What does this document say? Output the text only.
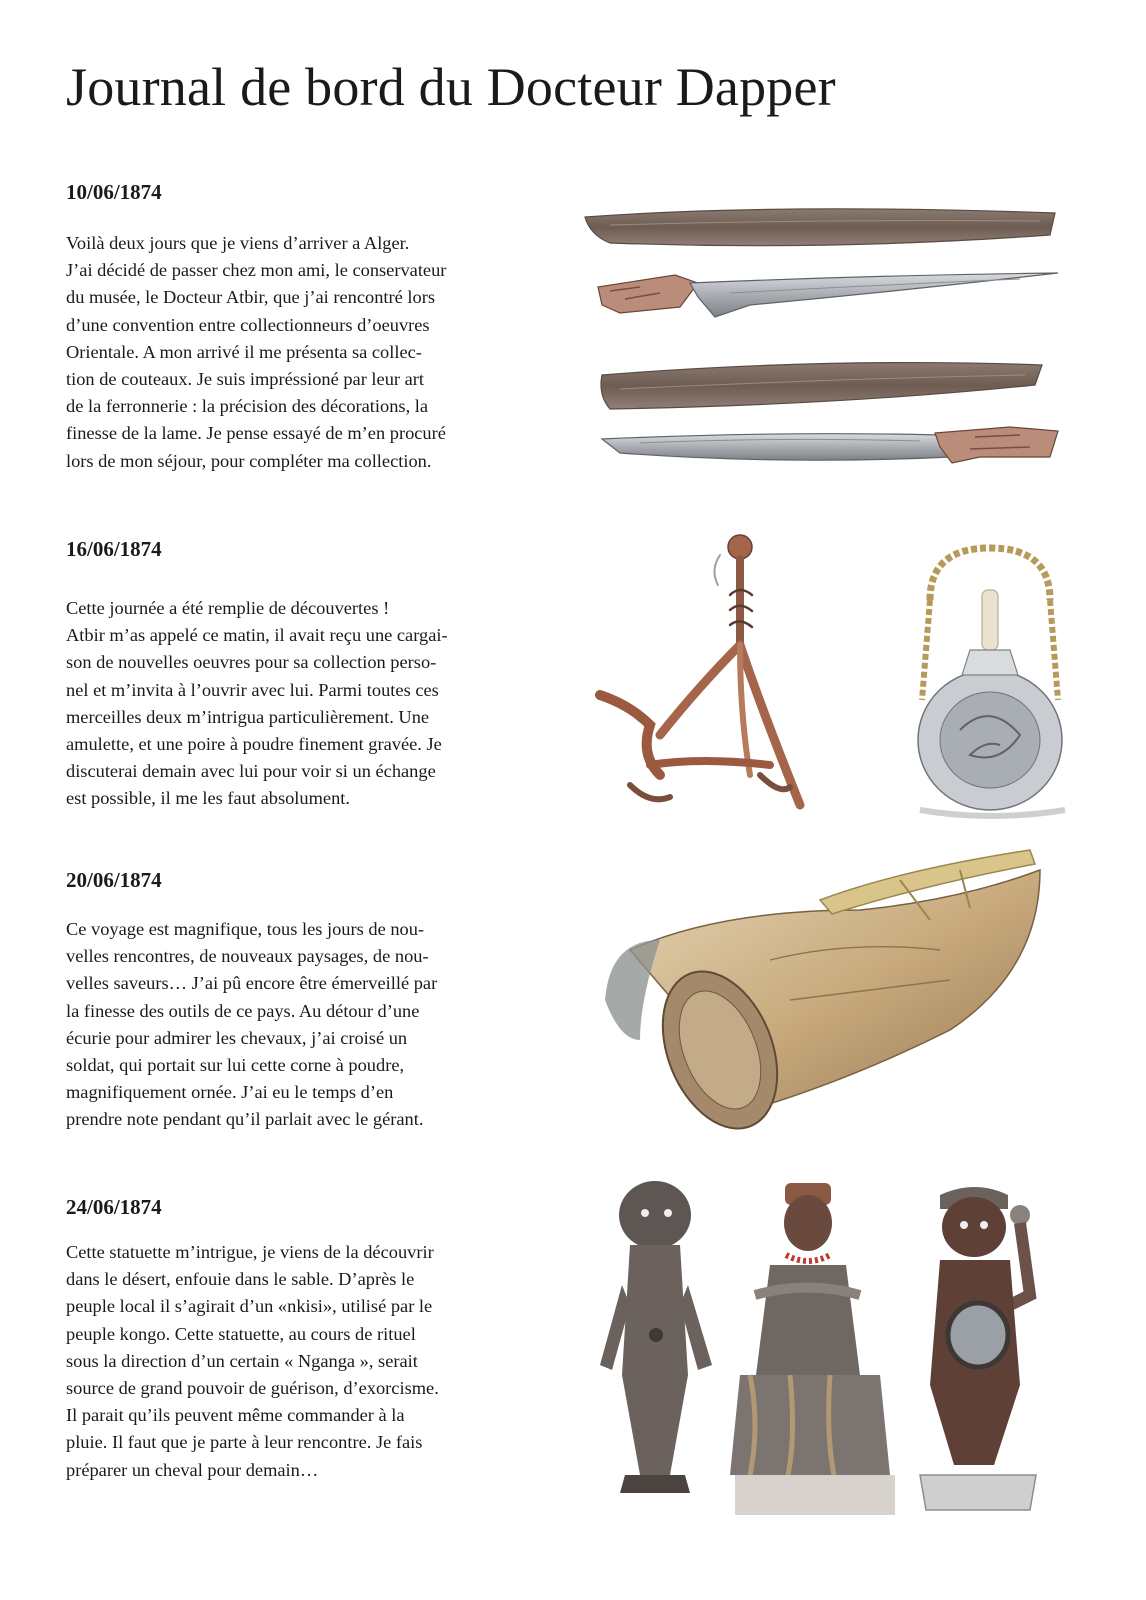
Journal de bord du Docteur Dapper
10/06/1874
Voilà deux jours que je viens d’arriver a Alger.
J’ai décidé de passer chez mon ami, le conservateur
du musée, le Docteur Atbir, que j’ai rencontré lors
d’une convention entre collectionneurs d’oeuvres
Orientale. A mon arrivé il me présenta sa collec-
tion de couteaux. Je suis impréssioné par leur art
de la ferronnerie : la précision des décorations, la
finesse de la lame. Je pense essayé de m’en procuré
lors de mon séjour, pour compléter ma collection.
16/06/1874
Cette journée a été remplie de découvertes !
Atbir m’as appelé ce matin, il avait reçu une cargai-
son de nouvelles oeuvres pour sa collection perso-
nel et m’invita à l’ouvrir avec lui. Parmi toutes ces
merceilles deux m’intrigua particulièrement. Une
amulette, et une poire à poudre finement gravée. Je
discuterai demain avec lui pour voir si un échange
est possible, il me les faut absolument.
20/06/1874
Ce voyage est magnifique, tous les jours de nou-
velles rencontres, de nouveaux paysages, de nou-
velles saveurs… J’ai pû encore être émerveillé par
la finesse des outils de ce pays. Au détour d’une
écurie pour admirer les chevaux, j’ai croisé un
soldat, qui portait sur lui cette corne à poudre,
magnifiquement ornée. J’ai eu le temps d’en
prendre note pendant qu’il parlait avec le gérant.
24/06/1874
Cette statuette m’intrigue, je viens de la découvrir
dans le désert, enfouie dans le sable. D’après le
peuple local il s’agirait d’un «nkisi», utilisé par le
peuple kongo. Cette statuette, au cours de rituel
sous la direction d’un certain « Nganga », serait
source de grand pouvoir de guérison, d’exorcisme.
Il parait qu’ils peuvent même commander à la
pluie. Il faut que je parte à leur rencontre. Je fais
préparer un cheval pour demain…
